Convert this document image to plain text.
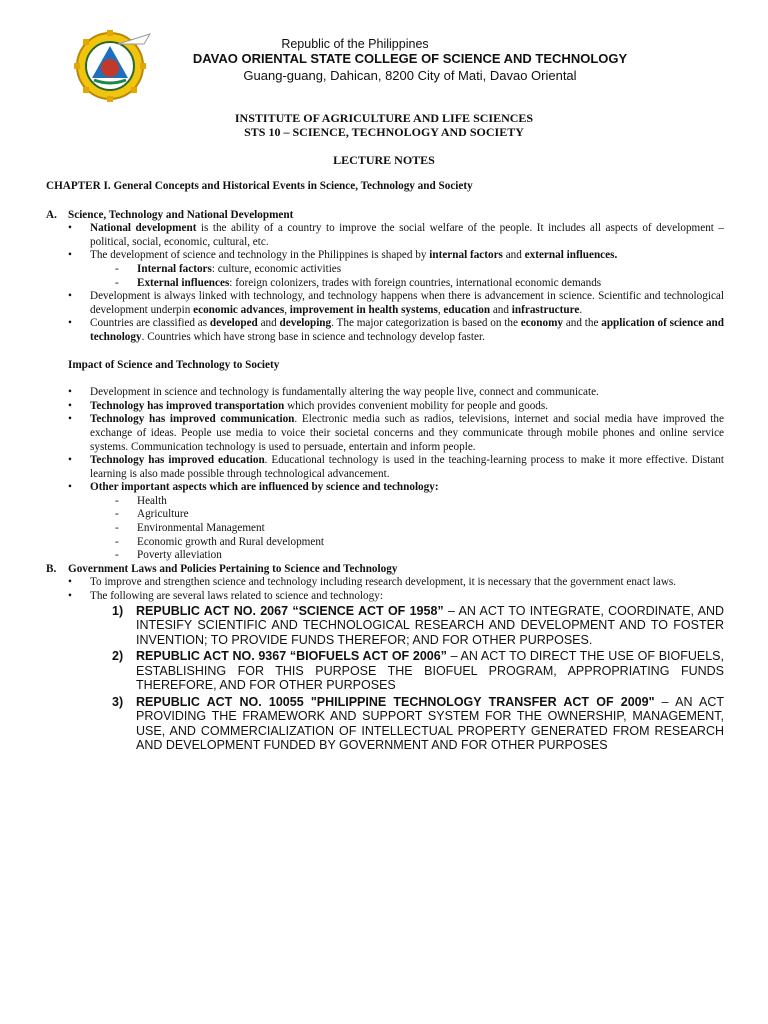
Republic of the Philippines
DAVAO ORIENTAL STATE COLLEGE OF SCIENCE AND TECHNOLOGY
Guang-guang, Dahican, 8200 City of Mati, Davao Oriental
INSTITUTE OF AGRICULTURE AND LIFE SCIENCES
STS 10 – SCIENCE, TECHNOLOGY AND SOCIETY
LECTURE NOTES

CHAPTER I. General Concepts and Historical Events in Science, Technology and Society

A. Science, Technology and National Development

• National development is the ability of a country to improve the social welfare of the people. It includes all aspects of development – political, social, economic, cultural, etc.
• The development of science and technology in the Philippines is shaped by internal factors and external influences.
- Internal factors: culture, economic activities
- External influences: foreign colonizers, trades with foreign countries, international economic demands
• Development is always linked with technology, and technology happens when there is advancement in science. Scientific and technological development underpin economic advances, improvement in health systems, education and infrastructure.
• Countries are classified as developed and developing. The major categorization is based on the economy and the application of science and technology. Countries which have strong base in science and technology develop faster.

Impact of Science and Technology to Society

• Development in science and technology is fundamentally altering the way people live, connect and communicate.
• Technology has improved transportation which provides convenient mobility for people and goods.
• Technology has improved communication. Electronic media such as radios, televisions, internet and social media have improved the exchange of ideas. People use media to voice their societal concerns and they communicate through mobile phones and online service systems. Communication technology is used to persuade, entertain and inform people.
• Technology has improved education. Educational technology is used in the teaching-learning process to make it more effective. Distant learning is also made possible through technological advancement.
• Other important aspects which are influenced by science and technology:
- Health
- Agriculture
- Environmental Management
- Economic growth and Rural development
- Poverty alleviation

B. Government Laws and Policies Pertaining to Science and Technology

• To improve and strengthen science and technology including research development, it is necessary that the government enact laws.
• The following are several laws related to science and technology:
1) REPUBLIC ACT NO. 2067 “SCIENCE ACT OF 1958” – AN ACT TO INTEGRATE, COORDINATE, AND INTESIFY SCIENTIFIC AND TECHNOLOGICAL RESEARCH AND DEVELOPMENT AND TO FOSTER INVENTION; TO PROVIDE FUNDS THEREFOR; AND FOR OTHER PURPOSES.
2) REPUBLIC ACT NO. 9367 “BIOFUELS ACT OF 2006” – AN ACT TO DIRECT THE USE OF BIOFUELS, ESTABLISHING FOR THIS PURPOSE THE BIOFUEL PROGRAM, APPROPRIATING FUNDS THEREFORE, AND FOR OTHER PURPOSES
3) REPUBLIC ACT NO. 10055 "PHILIPPINE TECHNOLOGY TRANSFER ACT OF 2009" – AN ACT PROVIDING THE FRAMEWORK AND SUPPORT SYSTEM FOR THE OWNERSHIP, MANAGEMENT, USE, AND COMMERCIALIZATION OF INTELLECTUAL PROPERTY GENERATED FROM RESEARCH AND DEVELOPMENT FUNDED BY GOVERNMENT AND FOR OTHER PURPOSES
